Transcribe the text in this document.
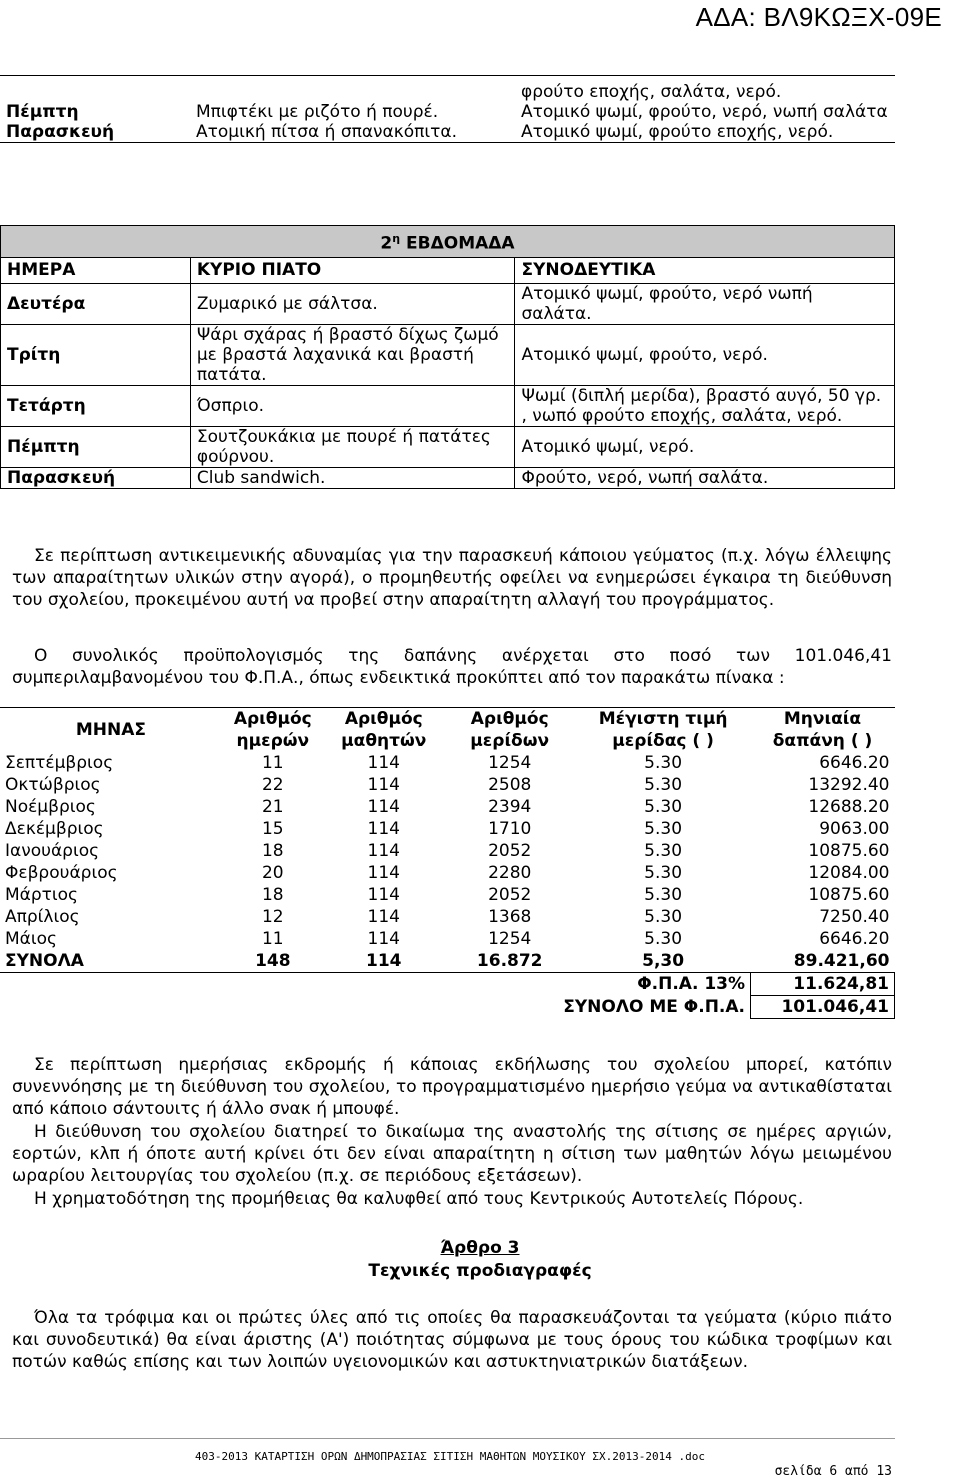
ΑΔΑ: ΒΛ9ΚΩΞΧ-09Ε
		φρούτο εποχής, σαλάτα, νερό.
Πέμπτη	Μπιφτέκι με ριζότο ή πουρέ.	Ατομικό ψωμί, φρούτο, νερό, νωπή σαλάτα
Παρασκευή	Ατομική πίτσα ή σπανακόπιτα.	Ατομικό ψωμί, φρούτο εποχής, νερό.
$2^\eta$ ΕΒΔΟΜΑΔΑ		
ΗΜΕΡΑ	ΚΥΡΙΟ ΠΙΑΤΟ	ΣΥΝΟΔΕΥΤΙΚΑ
Δευτέρα	Ζυμαρικό με σάλτσα.	Ατομικό ψωμί, φρούτο, νερό νωπή σαλάτα.
Τρίτη	Ψάρι σχάρας ή βραστό δίχως ζωμό με βραστά λαχανικά και βραστή πατάτα.	Ατομικό ψωμί, φρούτο, νερό.
Τετάρτη	Όσπριο.	Ψωμί (διπλή μερίδα), βραστό αυγό, 50 γρ. , νωπό φρούτο εποχής, σαλάτα, νερό.
Πέμπτη	Σουτζουκάκια με πουρέ ή πατάτες φούρνου.	Ατομικό ψωμί, νερό.
Παρασκευή	Club sandwich.	Φρούτο, νερό, νωπή σαλάτα.

Σε περίπτωση αντικειμενικής αδυναμίας για την παρασκευή κάποιου γεύματος (π.χ. λόγω έλλειψης των απαραίτητων υλικών στην αγορά), ο προμηθευτής οφείλει να ενημερώσει έγκαιρα τη διεύθυνση του σχολείου, προκειμένου αυτή να προβεί στην απαραίτητη αλλαγή του προγράμματος.

Ο συνολικός προϋπολογισμός της δαπάνης ανέρχεται στο ποσό των 101.046,41 συμπεριλαμβανομένου του Φ.Π.Α., όπως ενδεικτικά προκύπτει από τον παρακάτω πίνακα :

ΜΗΝΑΣ	Αριθμός ημερών	Αριθμός μαθητών	Αριθμός μερίδων	Μέγιστη τιμή μερίδας ( )	Μηνιαία δαπάνη ( )
Σεπτέμβριος	11	114	1254	5.30	6646.20
Οκτώβριος	22	114	2508	5.30	13292.40
Νοέμβριος	21	114	2394	5.30	12688.20
Δεκέμβριος	15	114	1710	5.30	9063.00
Ιανουάριος	18	114	2052	5.30	10875.60
Φεβρουάριος	20	114	2280	5.30	12084.00
Μάρτιος	18	114	2052	5.30	10875.60
Απρίλιος	12	114	1368	5.30	7250.40
Μάιος	11	114	1254	5.30	6646.20
ΣΥΝΟΛΑ	148	114	16.872	5,30	89.421,60
Φ.Π.Α. 13%					11.624,81
ΣΥΝΟΛΟ ΜΕ Φ.Π.Α.					101.046,41

Σε περίπτωση ημερήσιας εκδρομής ή κάποιας εκδήλωσης του σχολείου μπορεί, κατόπιν συνεννόησης με τη διεύθυνση του σχολείου, το προγραμματισμένο ημερήσιο γεύμα να αντικαθίσταται από κάποιο σάντουιτς ή άλλο σνακ ή μπουφέ.

Η διεύθυνση του σχολείου διατηρεί το δικαίωμα της αναστολής της σίτισης σε ημέρες αργιών, εορτών, κλπ ή όποτε αυτή κρίνει ότι δεν είναι απαραίτητη η σίτιση των μαθητών λόγω μειωμένου ωραρίου λειτουργίας του σχολείου (π.χ. σε περιόδους εξετάσεων).

Η χρηματοδότηση της προμήθειας θα καλυφθεί από τους Κεντρικούς Αυτοτελείς Πόρους.

Άρθρο 3
Τεχνικές προδιαγραφές

Όλα τα τρόφιμα και οι πρώτες ύλες από τις οποίες θα παρασκευάζονται τα γεύματα (κύριο πιάτο και συνοδευτικά) θα είναι άριστης (Α') ποιότητας σύμφωνα με τους όρους του κώδικα τροφίμων και ποτών καθώς επίσης και των λοιπών υγειονομικών και αστυκτηνιατρικών διατάξεων.

403-2013 ΚΑΤΑΡΤΙΣΗ ΟΡΩΝ ΔΗΜΟΠΡΑΣΙΑΣ ΣΙΤΙΣΗ ΜΑΘΗΤΩΝ ΜΟΥΣΙΚΟΥ ΣΧ.2013-2014 .doc
σελίδα 6 από 13
